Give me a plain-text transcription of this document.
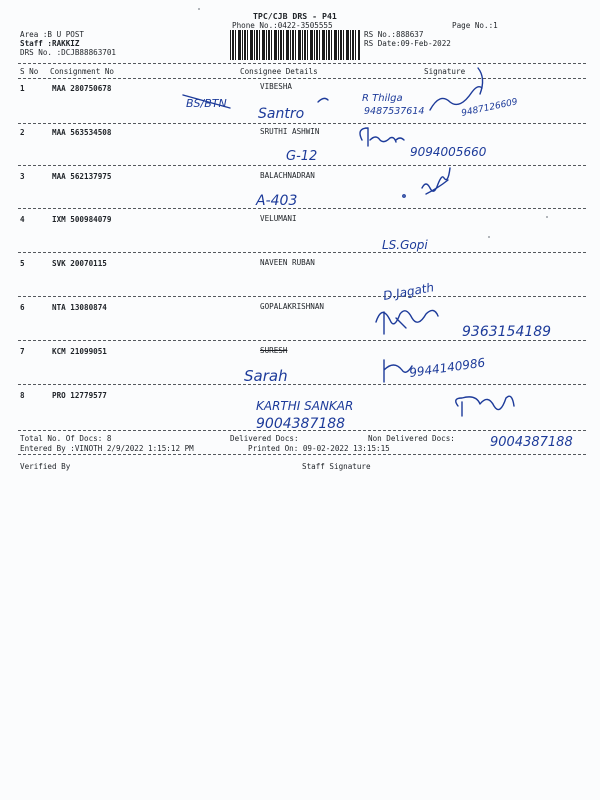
TPC/CJB DRS - P41
Phone No.:0422-3505555	Page No.:1
Area :B U POST
Staff :RAKKIZ
DRS No. :DCJB88863701
RS No.:888637
RS Date:09-Feb-2022
S No Consignment No	Consignee Details	Signature
1	MAA 280750678	VIBESHA
2	MAA 563534508	SRUTHI ASHWIN
3	MAA 562137975	BALACHNADRAN
4	IXM 500984079	VELUMANI
5	SVK 20070115	NAVEEN RUBAN
6	NTA 13080874	GOPALAKRISHNAN
7	KCM 21099051	SURESH
8	PRO 12779577
Total No. Of Docs: 8	Delivered Docs:	Non Delivered Docs:
Entered By :VINOTH 2/9/2022 1:15:12 PM	Printed On: 09-02-2022 13:15:15
Verified By	Staff Signature
BS/BTN
Santro
R Thilga
9487537614	9487126609
9094005660
G-12
A-403
LS.Gopi
D.Jagath
9363154189
Sarah	9944140986
KARTHI SANKAR
9004387188
9004387188
